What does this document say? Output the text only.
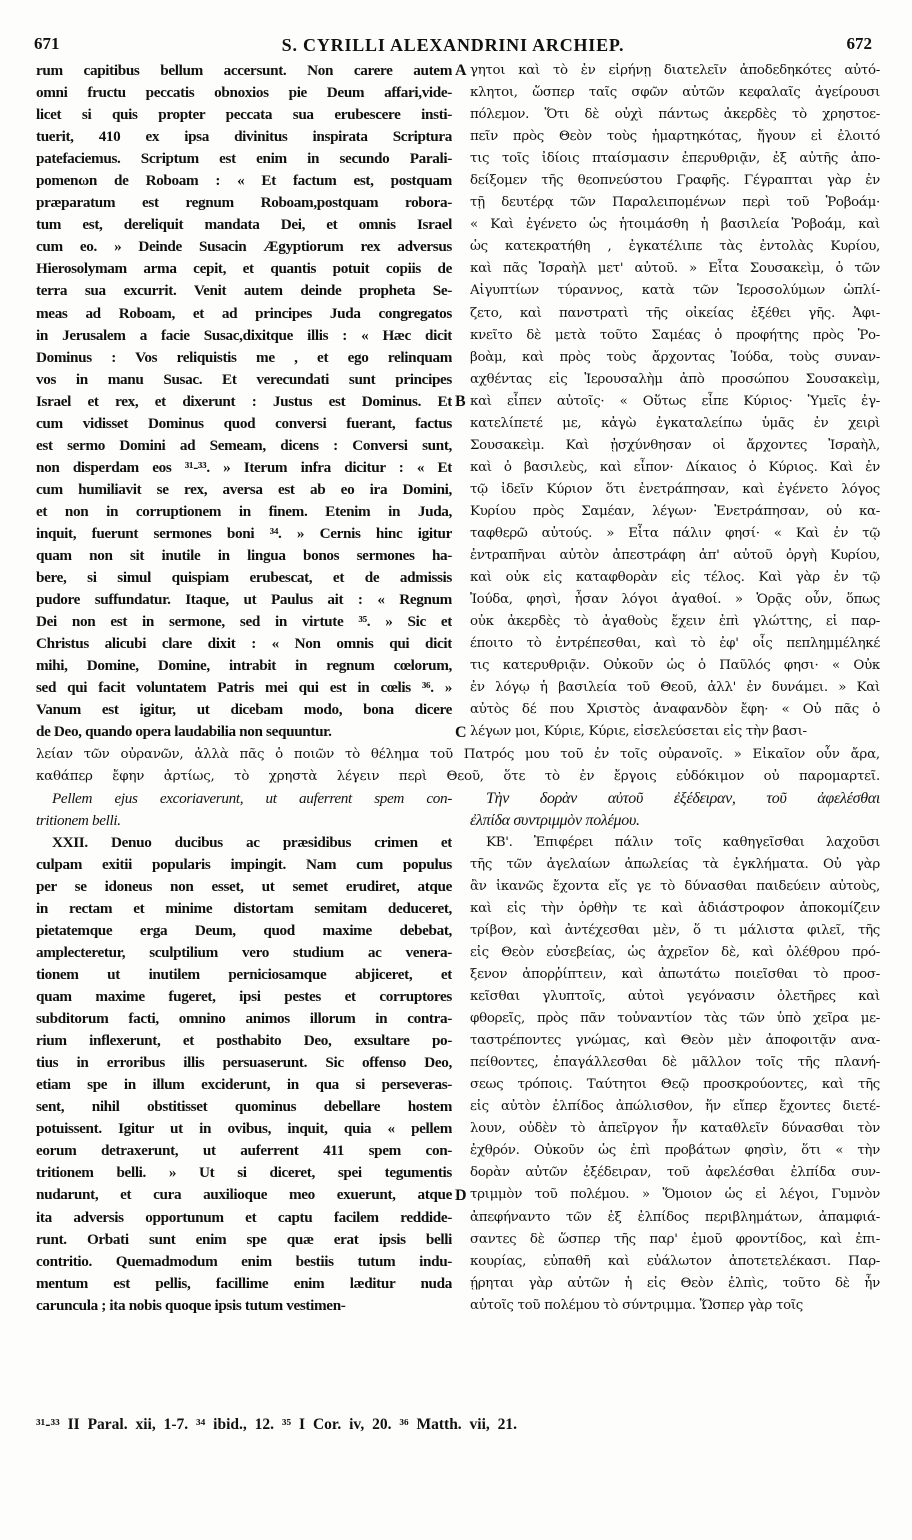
671	S. CYRILLI ALEXANDRINI ARCHIEP.	672
rum capitibus bellum accersunt. Non carere autem
omni fructu peccatis obnoxios pie Deum affari,vide-
licet si quis propter peccata sua erubescere insti-
tuerit, 410 ex ipsa divinitus inspirata Scriptura
patefaciemus. Scriptum est enim in secundo Parali-
pomenωn de Roboam : « Et factum est, postquam
præparatum est regnum Roboam,postquam robora-
tum est, dereliquit mandata Dei, et omnis Israel
cum eo. » Deinde Susacin Ægyptiorum rex adversus
Hierosolymam arma cepit, et quantis potuit copiis de
terra sua excurrit. Venit autem deinde propheta Se-
meas ad Roboam, et ad principes Juda congregatos
in Jerusalem a facie Susac,dixitque illis : « Hæc dicit
Dominus : Vos reliquistis me , et ego relinquam
vos in manu Susac. Et verecundati sunt principes
Israel et rex, et dixerunt : Justus est Dominus. Et
cum vidisset Dominus quod conversi fuerant, factus
est sermo Domini ad Semeam, dicens : Conversi sunt,
non disperdam eos ³¹-³³. » Iterum infra dicitur : « Et
cum humiliavit se rex, aversa est ab eo ira Domini,
et non in corruptionem in finem. Etenim in Juda,
inquit, fuerunt sermones boni ³⁴. » Cernis hinc igitur
quam non sit inutile in lingua bonos sermones ha-
bere, si simul quispiam erubescat, et de admissis
pudore suffundatur. Itaque, ut Paulus ait : « Regnum
Dei non est in sermone, sed in virtute ³⁵. » Sic et
Christus alicubi clare dixit : « Non omnis qui dicit
mihi, Domine, Domine, intrabit in regnum cœlorum,
sed qui facit voluntatem Patris mei qui est in cœlis ³⁶. »
Vanum est igitur, ut dicebam modo, bona dicere
de Deo, quando opera laudabilia non sequuntur.
γητοι καὶ τὸ ἐν εἰρήνῃ διατελεῖν ἀποδεδηκότες αὐτό-
κλητοι, ὥσπερ ταῖς σφῶν αὐτῶν κεφαλαῖς ἀγείρουσι
πόλεμον. Ὅτι δὲ οὐχὶ πάντως ἀκερδὲς τὸ χρηστοε-
πεῖν πρὸς Θεὸν τοὺς ἡμαρτηκότας, ἤγουν εἰ ἐλοιτό
τις τοῖς ἰδίοις πταίσμασιν ἐπερυθριᾷν, ἐξ αὐτῆς ἀπο-
δείξομεν τῆς θεοπνεύστου Γραφῆς. Γέγραπται γὰρ ἐν
τῇ δευτέρᾳ τῶν Παραλειπομένων περὶ τοῦ Ῥοβοάμ·
« Καὶ ἐγένετο ὡς ἡτοιμάσθη ἡ βασιλεία Ῥοβοάμ, καὶ
ὡς κατεκρατήθη , ἐγκατέλιπε τὰς ἐντολὰς Κυρίου,
καὶ πᾶς Ἰσραὴλ μετ' αὐτοῦ. » Εἶτα Σουσακεὶμ, ὁ τῶν
Αἰγυπτίων τύραννος, κατὰ τῶν Ἱεροσολύμων ὡπλί-
ζετο, καὶ πανστρατὶ τῆς οἰκείας ἐξέθει γῆς. Ἀφι-
κνεῖτο δὲ μετὰ τοῦτο Σαμέας ὁ προφήτης πρὸς Ῥο-
βοὰμ, καὶ πρὸς τοὺς ἄρχοντας Ἰούδα, τοὺς συναν-
αχθέντας εἰς Ἱερουσαλὴμ ἀπὸ προσώπου Σουσακεὶμ,
καὶ εἶπεν αὐτοῖς· « Οὕτως εἶπε Κύριος· Ὑμεῖς ἐγ-
κατελίπετέ με, κἀγὼ ἐγκαταλείπω ὑμᾶς ἐν χειρὶ
Σουσακεὶμ. Καὶ ᾐσχύνθησαν οἱ ἄρχοντες Ἰσραὴλ,
καὶ ὁ βασιλεὺς, καὶ εἶπον· Δίκαιος ὁ Κύριος. Καὶ ἐν
τῷ ἰδεῖν Κύριον ὅτι ἐνετράπησαν, καὶ ἐγένετο λόγος
Κυρίου πρὸς Σαμέαν, λέγων· Ἐνετράπησαν, οὐ κα-
ταφθερῶ αὐτούς. » Εἶτα πάλιν φησί· « Καὶ ἐν τῷ
ἐντραπῆναι αὐτὸν ἀπεστράφη ἀπ' αὐτοῦ ὀργὴ Κυρίου,
καὶ οὐκ εἰς καταφθορὰν εἰς τέλος. Καὶ γὰρ ἐν τῷ
Ἰούδα, φησὶ, ἦσαν λόγοι ἀγαθοί. » Ὁρᾷς οὖν, ὅπως
οὐκ ἀκερδὲς τὸ ἀγαθοὺς ἔχειν ἐπὶ γλώττης, εἰ παρ-
έποιτο τὸ ἐντρέπεσθαι, καὶ τὸ ἐφ' οἷς πεπλημμέληκέ
τις κατερυθριᾷν. Οὐκοῦν ὡς ὁ Παῦλός φησι· « Οὐκ
ἐν λόγῳ ἡ βασιλεία τοῦ Θεοῦ, ἀλλ' ἐν δυνάμει. » Καὶ
αὐτὸς δέ που Χριστὸς ἀναφανδὸν ἔφη· « Οὐ πᾶς ὁ
λέγων μοι, Κύριε, Κύριε, εἰσελεύσεται εἰς τὴν βασι-
λείαν τῶν οὐρανῶν, ἀλλὰ πᾶς ὁ ποιῶν τὸ θέλημα τοῦ Πατρός μου τοῦ ἐν τοῖς οὐρανοῖς. » Εἰκαῖον οὖν ἄρα,
καθάπερ ἔφην ἀρτίως, τὸ χρηστὰ λέγειν περὶ Θεοῦ, ὅτε τὸ ἐν ἔργοις εὐδόκιμον οὐ παρομαρτεῖ.
Pellem ejus excoriaverunt, ut auferrent spem con-
tritionem belli.
XXII. Denuo ducibus ac præsidibus crimen et
culpam exitii popularis impingit. Nam cum populus
per se idoneus non esset, ut semet erudiret, atque
in rectam et minime distortam semitam deduceret,
pietatemque erga Deum, quod maxime debebat,
amplecteretur, sculptilium vero studium ac venera-
tionem ut inutilem perniciosamque abjiceret, et
quam maxime fugeret, ipsi pestes et corruptores
subditorum facti, omnino animos illorum in contra-
rium inflexerunt, et posthabito Deo, exsultare po-
tius in erroribus illis persuaserunt. Sic offenso Deo,
etiam spe in illum exciderunt, in qua si perseveras-
sent, nihil obstitisset quominus debellare hostem
potuissent. Igitur ut in ovibus, inquit, quia « pellem
eorum detraxerunt, ut auferrent 411 spem con-
tritionem belli. » Ut si diceret, spei tegumentis
nudarunt, et cura auxilioque meo exuerunt, atque
ita adversis opportunum et captu facilem reddide-
runt. Orbati sunt enim spe quæ erat ipsis belli
contritio. Quemadmodum enim bestiis tutum indu-
mentum est pellis, facillime enim læditur nuda
caruncula ; ita nobis quoque ipsis tutum vestimen-
Τὴν δορὰν αὐτοῦ ἐξέδειραν, τοῦ ἀφελέσθαι
ἐλπίδα συντριμμὸν πολέμου.
ΚΒ'. Ἐπιφέρει πάλιν τοῖς καθηγεῖσθαι λαχοῦσι
τῆς τῶν ἀγελαίων ἀπωλείας τὰ ἐγκλήματα. Οὐ γὰρ
ἂν ἱκανῶς ἔχοντα εἴς γε τὸ δύνασθαι παιδεύειν αὐτοὺς,
καὶ εἰς τὴν ὀρθὴν τε καὶ ἀδιάστροφον ἀποκομίζειν
τρίβον, καὶ ἀντέχεσθαι μὲν, ὅ τι μάλιστα φιλεῖ, τῆς
εἰς Θεὸν εὐσεβείας, ὡς ἀχρεῖον δὲ, καὶ ὀλέθρου πρό-
ξενον ἀπορῥίπτειν, καὶ ἀπωτάτω ποιεῖσθαι τὸ προσ-
κεῖσθαι γλυπτοῖς, αὐτοὶ γεγόνασιν ὀλετῆρες καὶ
φθορεῖς, πρὸς πᾶν τοὐναντίον τὰς τῶν ὑπὸ χεῖρα με-
ταστρέποντες γνώμας, καὶ Θεὸν μὲν ἀποφοιτᾷν ανα-
πείθοντες, ἐπαγάλλεσθαι δὲ μᾶλλον τοῖς τῆς πλανή-
σεως τρόποις. Ταύτητοι Θεῷ προσκρούοντες, καὶ τῆς
εἰς αὐτὸν ἐλπίδος ἀπώλισθον, ἥν εἴπερ ἔχοντες διετέ-
λουν, οὐδὲν τὸ ἀπεῖργον ἦν καταθλεῖν δύνασθαι τὸν
ἐχθρόν. Οὐκοῦν ὡς ἐπὶ προβάτων φησὶν, ὅτι « τὴν
δορὰν αὐτῶν ἐξέδειραν, τοῦ ἀφελέσθαι ἐλπίδα συν-
τριμμὸν τοῦ πολέμου. » Ὅμοιον ὡς εἰ λέγοι, Γυμνὸν
ἀπεφήναντο τῶν ἐξ ἐλπίδος περιβλημάτων, ἀπαμφιά-
σαντες δὲ ὥσπερ τῆς παρ' ἐμοῦ φροντίδος, καὶ ἐπι-
κουρίας, εὐπαθῆ καὶ εὐάλωτον ἀποτετελέκασι. Παρ-
ῄρηται γὰρ αὐτῶν ἡ εἰς Θεὸν ἐλπὶς, τοῦτο δὲ ἦν
αὐτοῖς τοῦ πολέμου τὸ σύντριμμα. Ὥσπερ γὰρ τοῖς
A
B
C
D
³¹-³³ II Paral. xii, 1-7. ³⁴ ibid., 12. ³⁵ I Cor. iv, 20. ³⁶ Matth. vii, 21.
